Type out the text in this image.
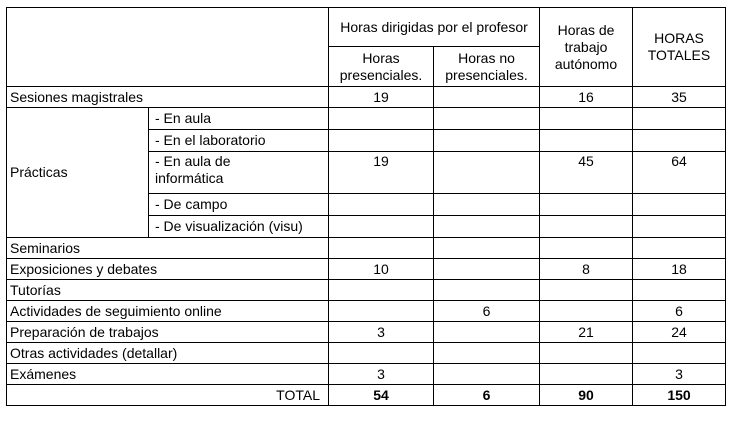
		Horas dirigidas por el profesor		Horas de trabajo autónomo	HORAS TOTALES
		Horas presenciales.	Horas no presenciales.		
Sesiones magistrales		19		16	35
Prácticas	- En aula				
	- En el laboratorio				
	- En aula de informática	19		45	64
	- De campo				
	- De visualización (visu)				
Seminarios					
Exposiciones y debates		10		8	18
Tutorías					
Actividades de seguimiento online			6		6
Preparación de trabajos		3		21	24
Otras actividades (detallar)					
Exámenes		3			3
TOTAL		54	6	90	150
